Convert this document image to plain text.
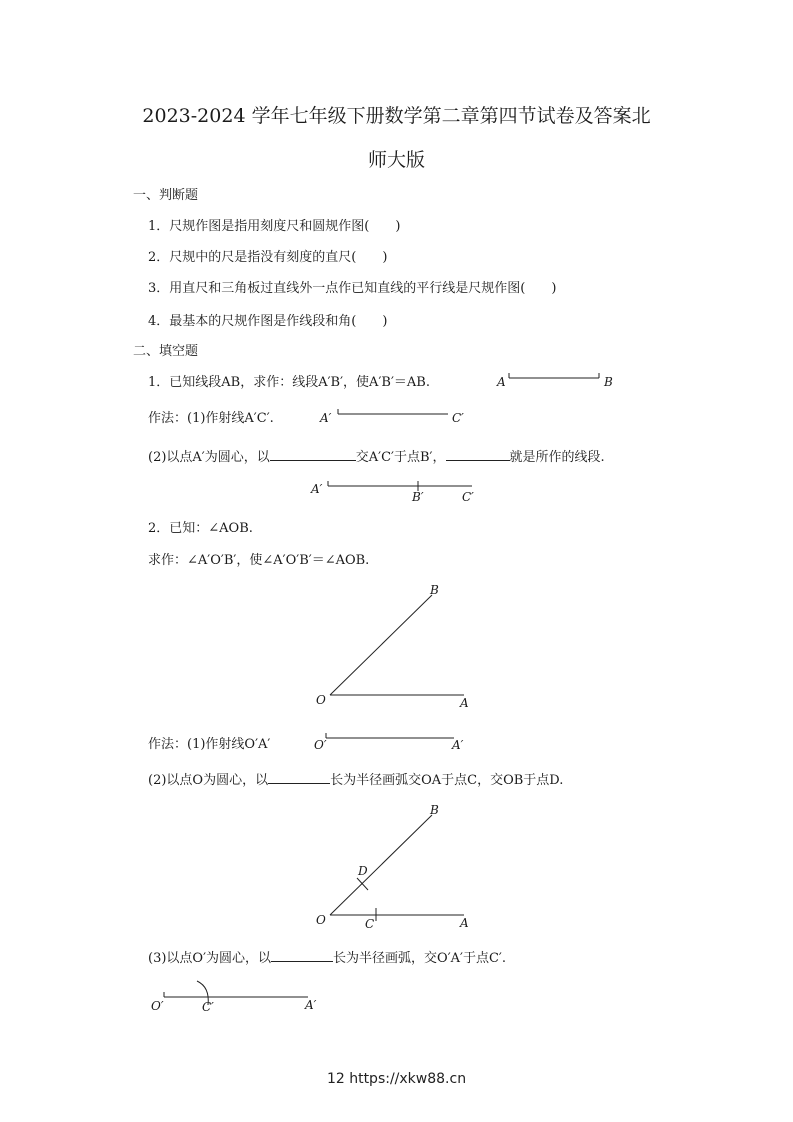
2023-2024 学年七年级下册数学第二章第四节试卷及答案北
师大版
一、判断题
1．尺规作图是指用刻度尺和圆规作图(　　)
2．尺规中的尺是指没有刻度的直尺(　　)
3．用直尺和三角板过直线外一点作已知直线的平行线是尺规作图(　　)
4．最基本的尺规作图是作线段和角(　　)
二、填空题
1．已知线段AB，求作：线段A′B′，使A′B′＝AB.	A	B
作法：(1)作射线A′C′.	A′	C′
(2)以点A′为圆心，以	交A′C′于点B′，	就是所作的线段.
A′
B′	C′
2．已知：∠AOB.
求作：∠A′O′B′，使∠A′O′B′＝∠AOB.
O	A
B
作法：(1)作射线O′A′	O′	A′
(2)以点O为圆心，以	长为半径画弧交OA于点C，交OB于点D.
O	A
B
C
D
(3)以点O′为圆心，以	长为半径画弧，交O′A′于点C′.
O′	C′	A′
12 https://xkw88.cn
